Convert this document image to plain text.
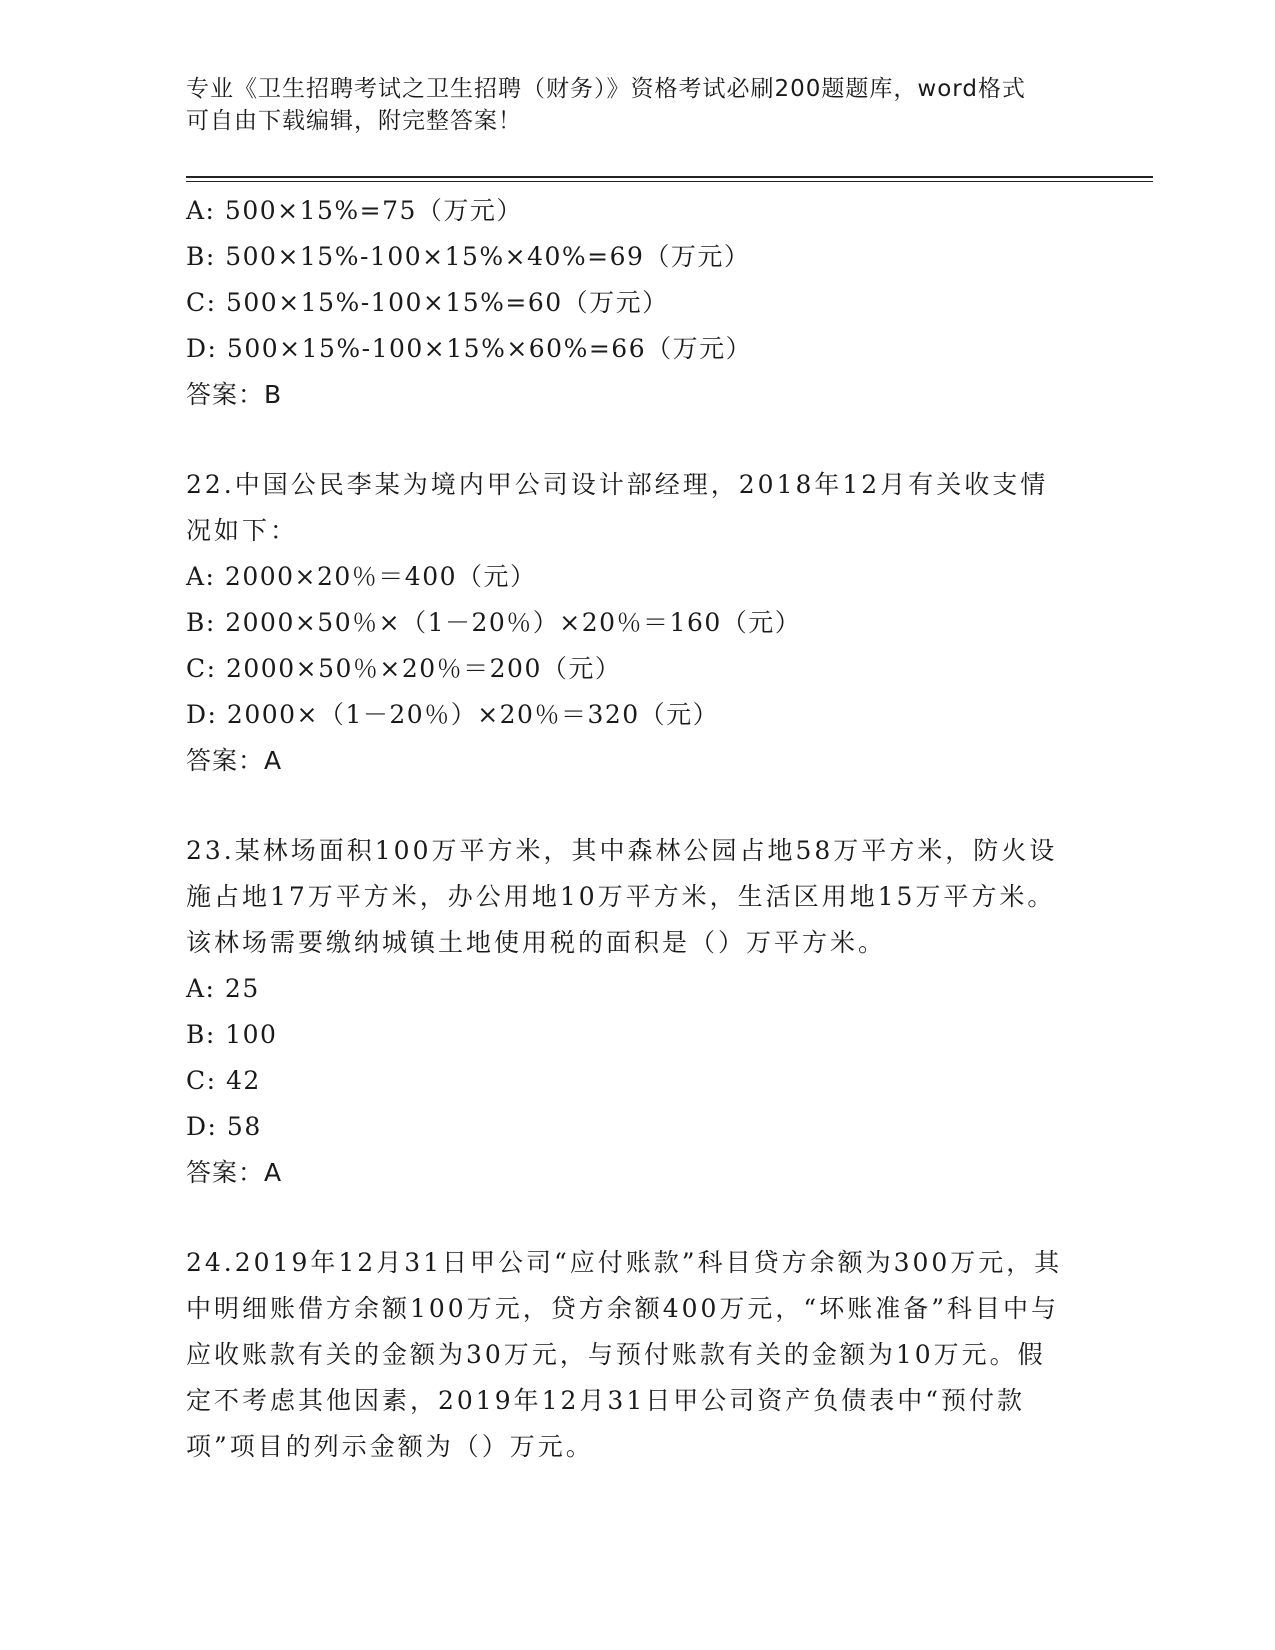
专业《卫生招聘考试之卫生招聘（财务）》资格考试必刷200题题库，word格式
可自由下载编辑，附完整答案！
A: 500×15%=75（万元）
B: 500×15%-100×15%×40%=69（万元）
C: 500×15%-100×15%=60（万元）
D: 500×15%-100×15%×60%=66（万元）
答案：B
22.中国公民李某为境内甲公司设计部经理，2018年12月有关收支情况如下：
A: 2000×20％＝400（元）
B: 2000×50％×（1－20％）×20％＝160（元）
C: 2000×50％×20％＝200（元）
D: 2000×（1－20％）×20％＝320（元）
答案：A
23.某林场面积100万平方米，其中森林公园占地58万平方米，防火设施占地17万平方米，办公用地10万平方米，生活区用地15万平方米。该林场需要缴纳城镇土地使用税的面积是（）万平方米。
A: 25
B: 100
C: 42
D: 58
答案：A
24.2019年12月31日甲公司“应付账款”科目贷方余额为300万元，其中明细账借方余额100万元，贷方余额400万元，“坏账准备”科目中与应收账款有关的金额为30万元，与预付账款有关的金额为10万元。假定不考虑其他因素，2019年12月31日甲公司资产负债表中“预付款项”项目的列示金额为（）万元。
